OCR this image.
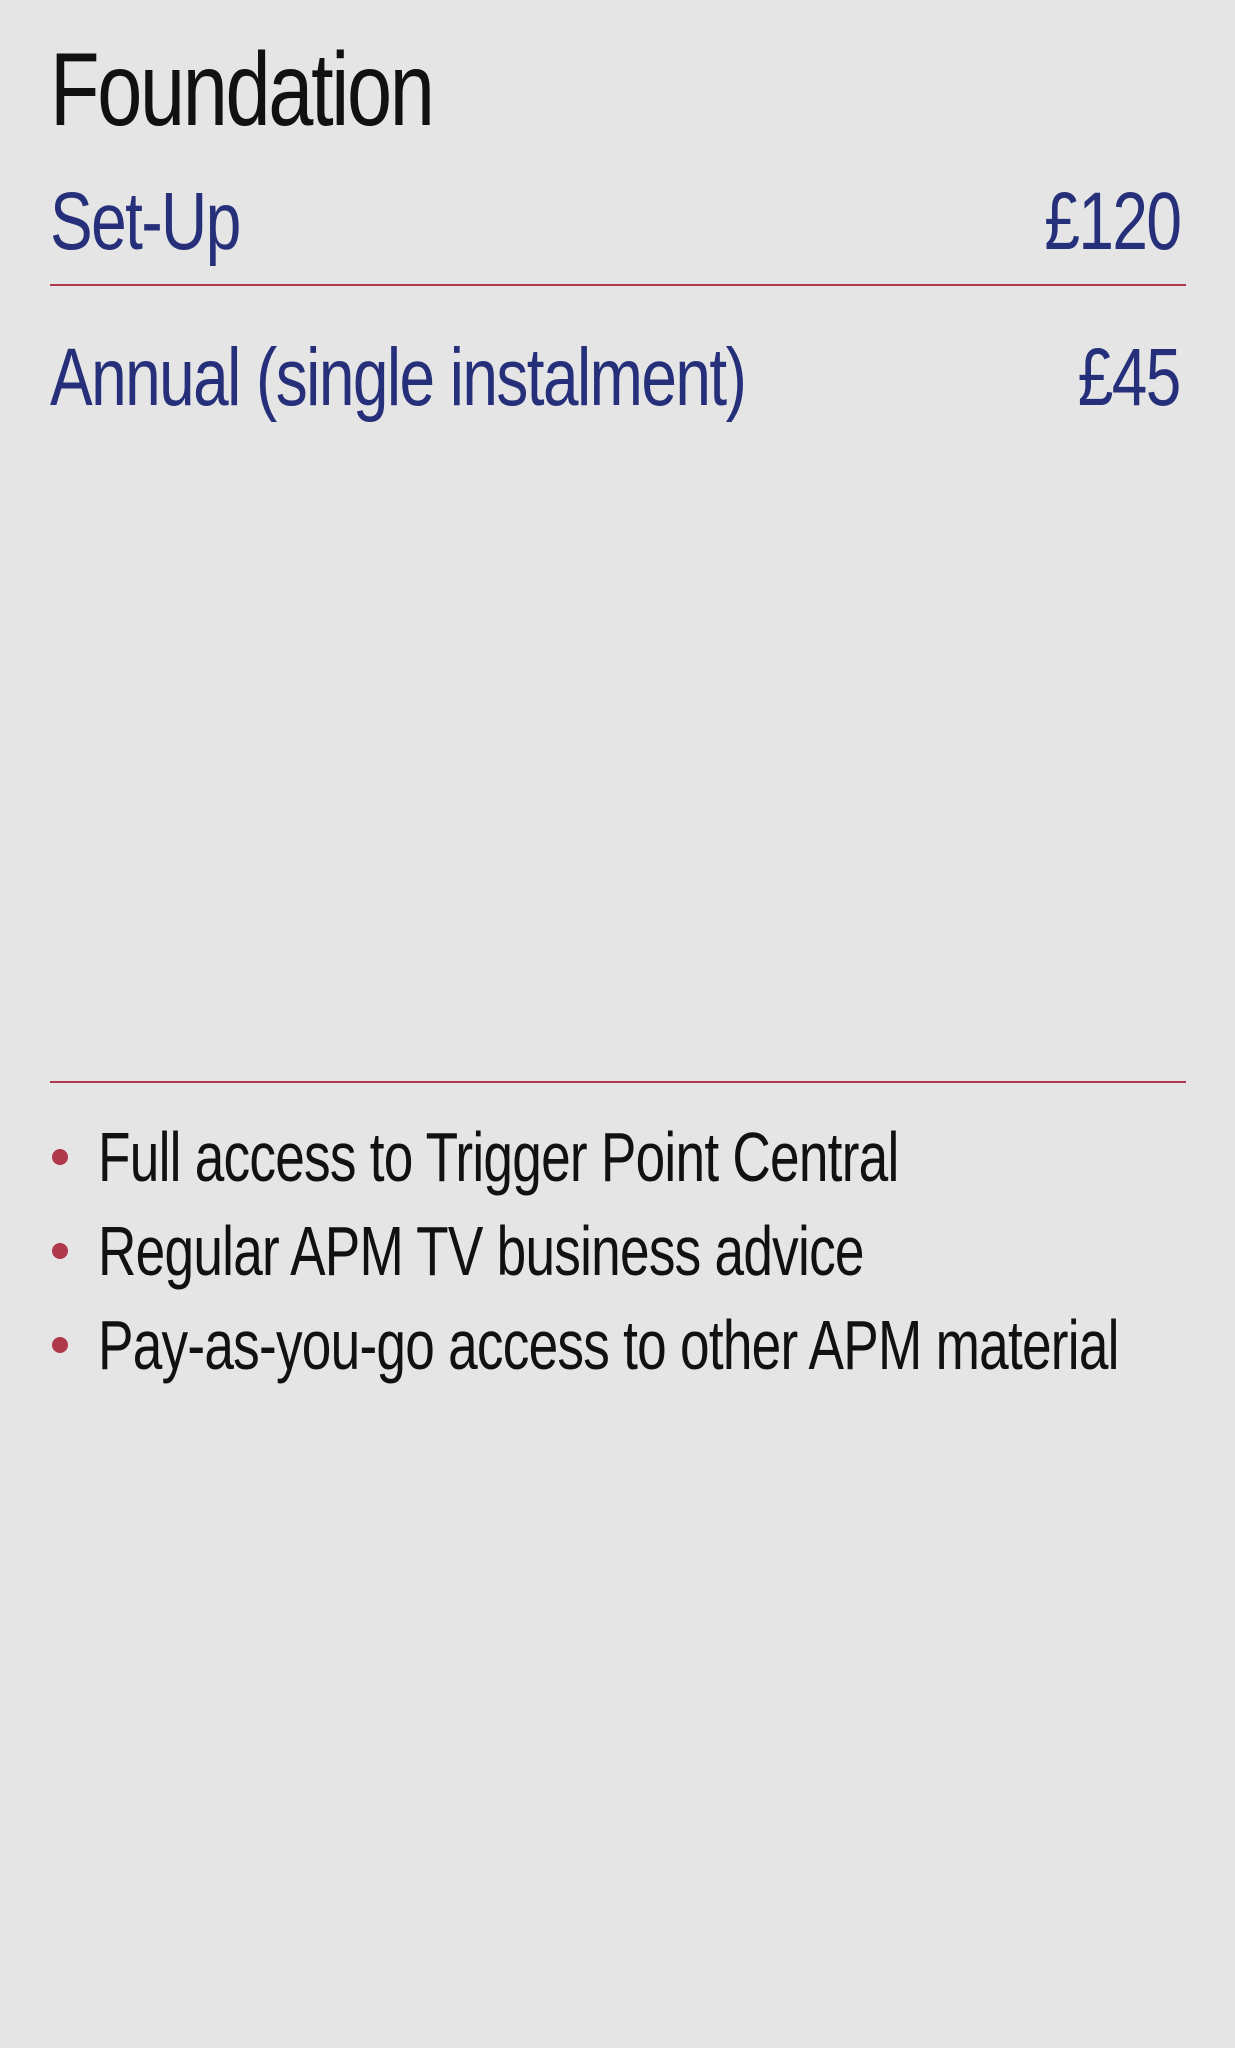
Foundation
Set-Up	£120
Annual (single instalment)	£45
Full access to Trigger Point Central
Regular APM TV business advice
Pay-as-you-go access to other APM material
